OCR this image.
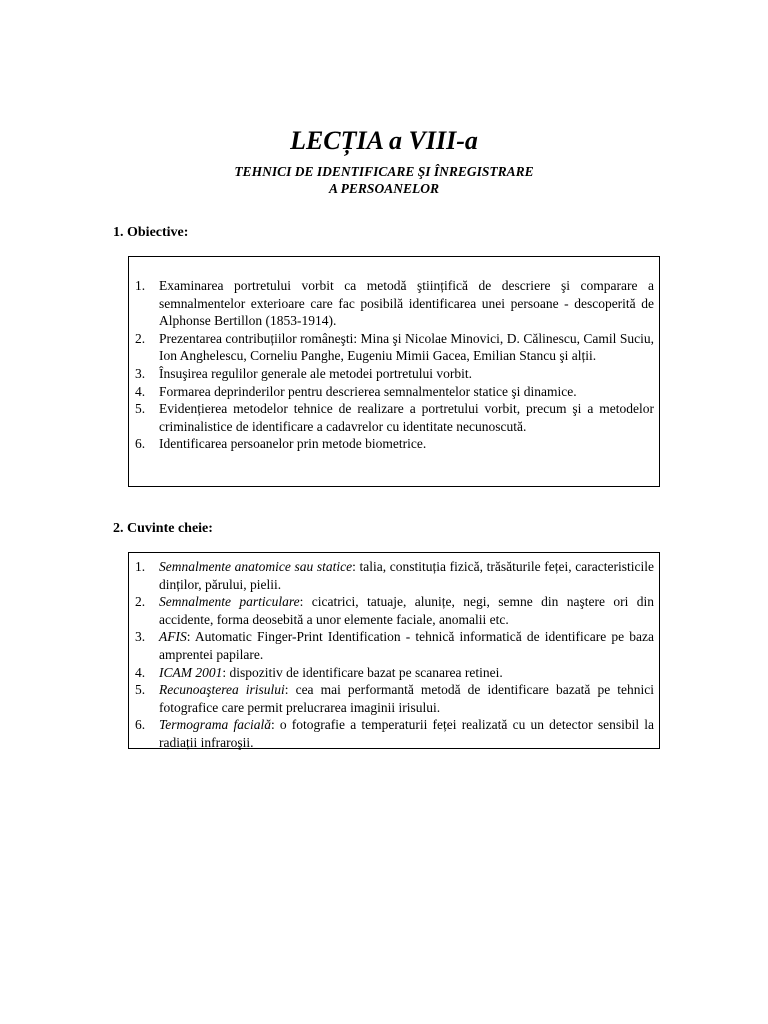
LECȚIA a VIII-a
TEHNICI DE IDENTIFICARE ŞI ÎNREGISTRARE
A PERSOANELOR
1. Obiective:
1. Examinarea portretului vorbit ca metodă ştiințifică de descriere şi comparare a semnalmentelor exterioare care fac posibilă identificarea unei persoane - descoperită de Alphonse Bertillon (1853-1914).
2. Prezentarea contribuțiilor româneşti: Mina şi Nicolae Minovici, D. Călinescu, Camil Suciu, Ion Anghelescu, Corneliu Panghe, Eugeniu Mimii Gacea, Emilian Stancu şi alții.
3. Însuşirea regulilor generale ale metodei portretului vorbit.
4. Formarea deprinderilor pentru descrierea semnalmentelor statice şi dinamice.
5. Evidențierea metodelor tehnice de realizare a portretului vorbit, precum şi a metodelor criminalistice de identificare a cadavrelor cu identitate necunoscută.
6. Identificarea persoanelor prin metode biometrice.
2. Cuvinte cheie:
1. Semnalmente anatomice sau statice: talia, constituția fizică, trăsăturile feței, caracteristicile dinților, părului, pielii.
2. Semnalmente particulare: cicatrici, tatuaje, alunițe, negi, semne din naştere ori din accidente, forma deosebită a unor elemente faciale, anomalii etc.
3. AFIS: Automatic Finger-Print Identification - tehnică informatică de identificare pe baza amprentei papilare.
4. ICAM 2001: dispozitiv de identificare bazat pe scanarea retinei.
5. Recunoaşterea irisului: cea mai performantă metodă de identificare bazată pe tehnici fotografice care permit prelucrarea imaginii irisului.
6. Termograma facială: o fotografie a temperaturii feței realizată cu un detector sensibil la radiații infraroşii.
